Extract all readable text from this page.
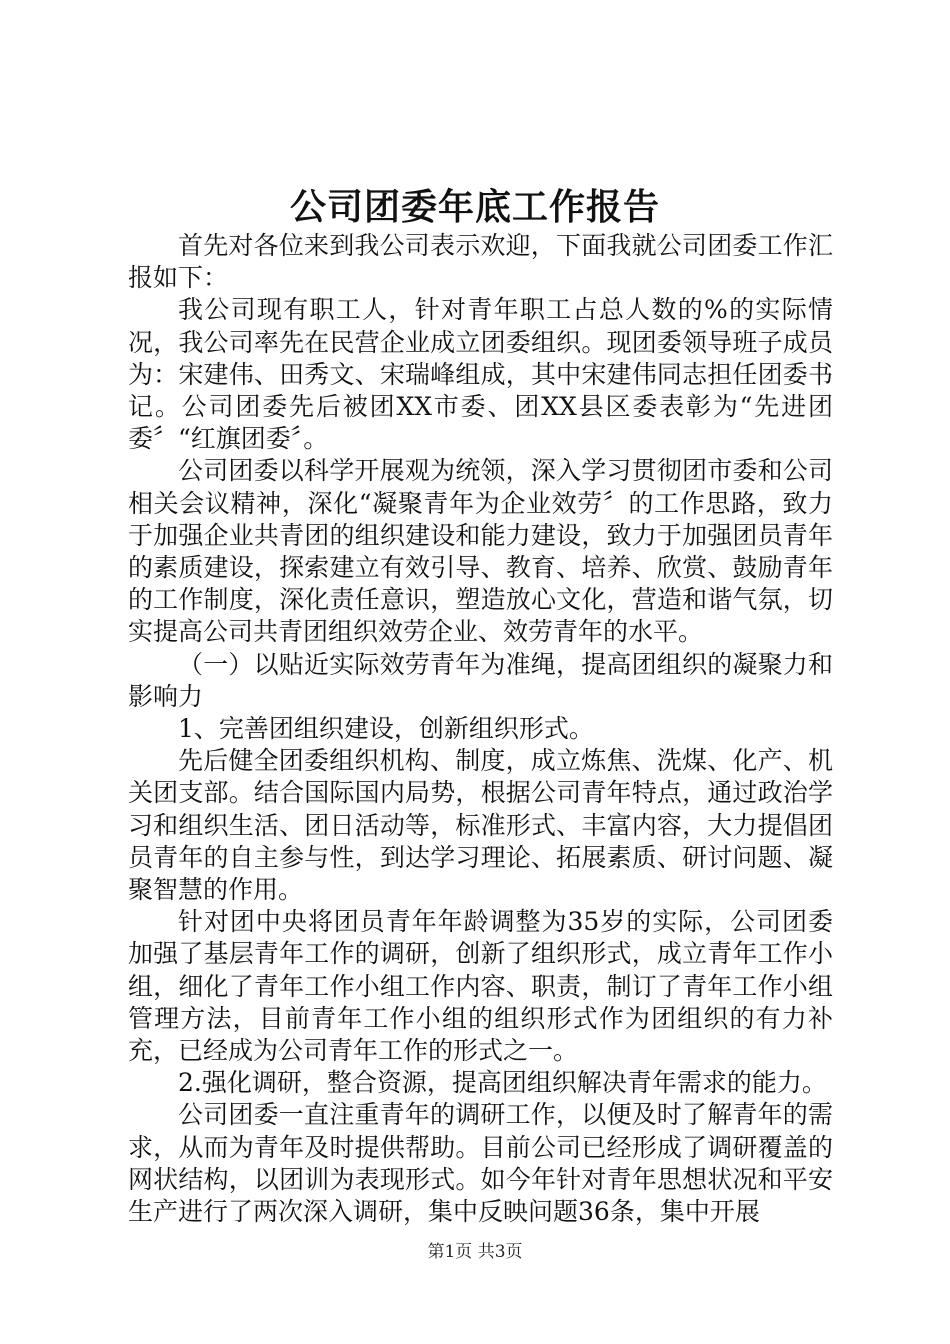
公司团委年底工作报告

首先对各位来到我公司表示欢迎，下面我就公司团委工作汇报如下：

我公司现有职工人，针对青年职工占总人数的%的实际情况，我公司率先在民营企业成立团委组织。现团委领导班子成员为：宋建伟、田秀文、宋瑞峰组成，其中宋建伟同志担任团委书记。公司团委先后被团XX市委、团XX县区委表彰为“先进团委〞“红旗团委〞。

公司团委以科学开展观为统领，深入学习贯彻团市委和公司相关会议精神，深化“凝聚青年为企业效劳〞的工作思路，致力于加强企业共青团的组织建设和能力建设，致力于加强团员青年的素质建设，探索建立有效引导、教育、培养、欣赏、鼓励青年的工作制度，深化责任意识，塑造放心文化，营造和谐气氛，切实提高公司共青团组织效劳企业、效劳青年的水平。

（一）以贴近实际效劳青年为准绳，提高团组织的凝聚力和影响力

1、完善团组织建设，创新组织形式。

先后健全团委组织机构、制度，成立炼焦、洗煤、化产、机关团支部。结合国际国内局势，根据公司青年特点，通过政治学习和组织生活、团日活动等，标准形式、丰富内容，大力提倡团员青年的自主参与性，到达学习理论、拓展素质、研讨问题、凝聚智慧的作用。

针对团中央将团员青年年龄调整为35岁的实际，公司团委加强了基层青年工作的调研，创新了组织形式，成立青年工作小组，细化了青年工作小组工作内容、职责，制订了青年工作小组管理方法，目前青年工作小组的组织形式作为团组织的有力补充，已经成为公司青年工作的形式之一。

2.强化调研，整合资源，提高团组织解决青年需求的能力。

公司团委一直注重青年的调研工作，以便及时了解青年的需求，从而为青年及时提供帮助。目前公司已经形成了调研覆盖的网状结构，以团训为表现形式。如今年针对青年思想状况和平安生产进行了两次深入调研，集中反映问题36条，集中开展

第1页 共3页
